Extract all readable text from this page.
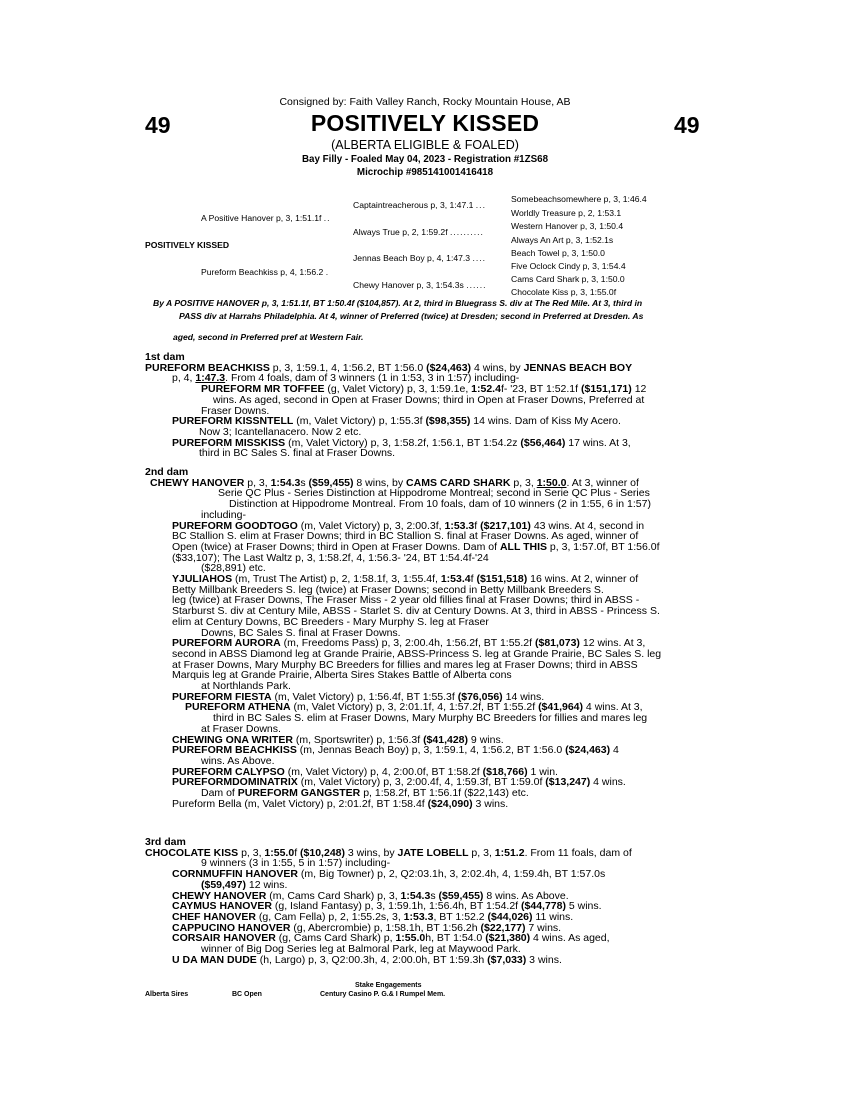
Consigned by: Faith Valley Ranch, Rocky Mountain House, AB
49	49
POSITIVELY KISSED
(ALBERTA ELIGIBLE & FOALED)
Bay Filly - Foaled May 04, 2023 - Registration #1ZS68
Microchip #985141001416418
POSITIVELY KISSED
A Positive Hanover p, 3, 1:51.1f ..
Pureform Beachkiss p, 4, 1:56.2 .
Captaintreacherous p, 3, 1:47.1 ...
Always True p, 2, 1:59.2f ..........
Jennas Beach Boy p, 4, 1:47.3 ....
Chewy Hanover p, 3, 1:54.3s ......
Somebeachsomewhere p, 3, 1:46.4
Worldly Treasure p, 2, 1:53.1
Western Hanover p, 3, 1:50.4
Always An Art p, 3, 1:52.1s
Beach Towel p, 3, 1:50.0
Five Oclock Cindy p, 3, 1:54.4
Cams Card Shark p, 3, 1:50.0
Chocolate Kiss p, 3, 1:55.0f
By A POSITIVE HANOVER p, 3, 1:51.1f, BT 1:50.4f ($104,857). At 2, third in Bluegrass S. div at The Red Mile. At 3, third in
PASS div at Harrahs Philadelphia. At 4, winner of Preferred (twice) at Dresden; second in Preferred at Dresden. As
aged, second in Preferred pref at Western Fair.
1st dam
PUREFORM BEACHKISS p, 3, 1:59.1, 4, 1:56.2, BT 1:56.0 ($24,463) 4 wins, by JENNAS BEACH BOY
p, 4, 1:47.3. From 4 foals, dam of 3 winners (1 in 1:53, 3 in 1:57) including-
PUREFORM MR TOFFEE (g, Valet Victory) p, 3, 1:59.1e, 1:52.4f- '23, BT 1:52.1f ($151,171) 12
wins. As aged, second in Open at Fraser Downs; third in Open at Fraser Downs, Preferred at
Fraser Downs.
PUREFORM KISSNTELL (m, Valet Victory) p, 1:55.3f ($98,355) 14 wins. Dam of Kiss My Acero.
Now 3; Icantellanacero. Now 2 etc.
PUREFORM MISSKISS (m, Valet Victory) p, 3, 1:58.2f, 1:56.1, BT 1:54.2z ($56,464) 17 wins. At 3,
third in BC Sales S. final at Fraser Downs.
2nd dam
CHEWY HANOVER p, 3, 1:54.3s ($59,455) 8 wins, by CAMS CARD SHARK p, 3, 1:50.0. At 3, winner of
Serie QC Plus - Series Distinction at Hippodrome Montreal; second in Serie QC Plus - Series
Distinction at Hippodrome Montreal. From 10 foals, dam of 10 winners (2 in 1:55, 6 in 1:57)
including-
PUREFORM GOODTOGO (m, Valet Victory) p, 3, 2:00.3f, 1:53.3f ($217,101) 43 wins. At 4, second in
BC Stallion S. elim at Fraser Downs; third in BC Stallion S. final at Fraser Downs. As aged, winner of
Open (twice) at Fraser Downs; third in Open at Fraser Downs. Dam of ALL THIS p, 3, 1:57.0f, BT 1:56.0f
($33,107); The Last Waltz p, 3, 1:58.2f, 4, 1:56.3- '24, BT 1:54.4f-'24
($28,891) etc.
YJULIAHOS (m, Trust The Artist) p, 2, 1:58.1f, 3, 1:55.4f, 1:53.4f ($151,518) 16 wins. At 2, winner of
Betty Millbank Breeders S. leg (twice) at Fraser Downs; second in Betty Millbank Breeders S.
leg (twice) at Fraser Downs, The Fraser Miss - 2 year old fillies final at Fraser Downs; third in ABSS -
Starburst S. div at Century Mile, ABSS - Starlet S. div at Century Downs. At 3, third in ABSS - Princess S.
elim at Century Downs, BC Breeders - Mary Murphy S. leg at Fraser
Downs, BC Sales S. final at Fraser Downs.
PUREFORM AURORA (m, Freedoms Pass) p, 3, 2:00.4h, 1:56.2f, BT 1:55.2f ($81,073) 12 wins. At 3,
second in ABSS Diamond leg at Grande Prairie, ABSS-Princess S. leg at Grande Prairie, BC Sales S. leg
at Fraser Downs, Mary Murphy BC Breeders for fillies and mares leg at Fraser Downs; third in ABSS
Marquis leg at Grande Prairie, Alberta Sires Stakes Battle of Alberta cons
at Northlands Park.
PUREFORM FIESTA (m, Valet Victory) p, 1:56.4f, BT 1:55.3f ($76,056) 14 wins.
PUREFORM ATHENA (m, Valet Victory) p, 3, 2:01.1f, 4, 1:57.2f, BT 1:55.2f ($41,964) 4 wins. At 3,
third in BC Sales S. elim at Fraser Downs, Mary Murphy BC Breeders for fillies and mares leg
at Fraser Downs.
CHEWING ONA WRITER (m, Sportswriter) p, 1:56.3f ($41,428) 9 wins.
PUREFORM BEACHKISS (m, Jennas Beach Boy) p, 3, 1:59.1, 4, 1:56.2, BT 1:56.0 ($24,463) 4
wins. As Above.
PUREFORM CALYPSO (m, Valet Victory) p, 4, 2:00.0f, BT 1:58.2f ($18,766) 1 win.
PUREFORMDOMINATRIX (m, Valet Victory) p, 3, 2:00.4f, 4, 1:59.3f, BT 1:59.0f ($13,247) 4 wins.
Dam of PUREFORM GANGSTER p, 1:58.2f, BT 1:56.1f ($22,143) etc.
Pureform Bella (m, Valet Victory) p, 2:01.2f, BT 1:58.4f ($24,090) 3 wins.
3rd dam
CHOCOLATE KISS p, 3, 1:55.0f ($10,248) 3 wins, by JATE LOBELL p, 3, 1:51.2. From 11 foals, dam of
9 winners (3 in 1:55, 5 in 1:57) including-
CORNMUFFIN HANOVER (m, Big Towner) p, 2, Q2:03.1h, 3, 2:02.4h, 4, 1:59.4h, BT 1:57.0s
($59,497) 12 wins.
CHEWY HANOVER (m, Cams Card Shark) p, 3, 1:54.3s ($59,455) 8 wins. As Above.
CAYMUS HANOVER (g, Island Fantasy) p, 3, 1:59.1h, 1:56.4h, BT 1:54.2f ($44,778) 5 wins.
CHEF HANOVER (g, Cam Fella) p, 2, 1:55.2s, 3, 1:53.3, BT 1:52.2 ($44,026) 11 wins.
CAPPUCINO HANOVER (g, Abercrombie) p, 1:58.1h, BT 1:56.2h ($22,177) 7 wins.
CORSAIR HANOVER (g, Cams Card Shark) p, 1:55.0h, BT 1:54.0 ($21,380) 4 wins. As aged,
winner of Big Dog Series leg at Balmoral Park, leg at Maywood Park.
U DA MAN DUDE (h, Largo) p, 3, Q2:00.3h, 4, 2:00.0h, BT 1:59.3h ($7,033) 3 wins.
Stake Engagements
Alberta Sires	BC Open	Century Casino P. G.& I Rumpel Mem.
